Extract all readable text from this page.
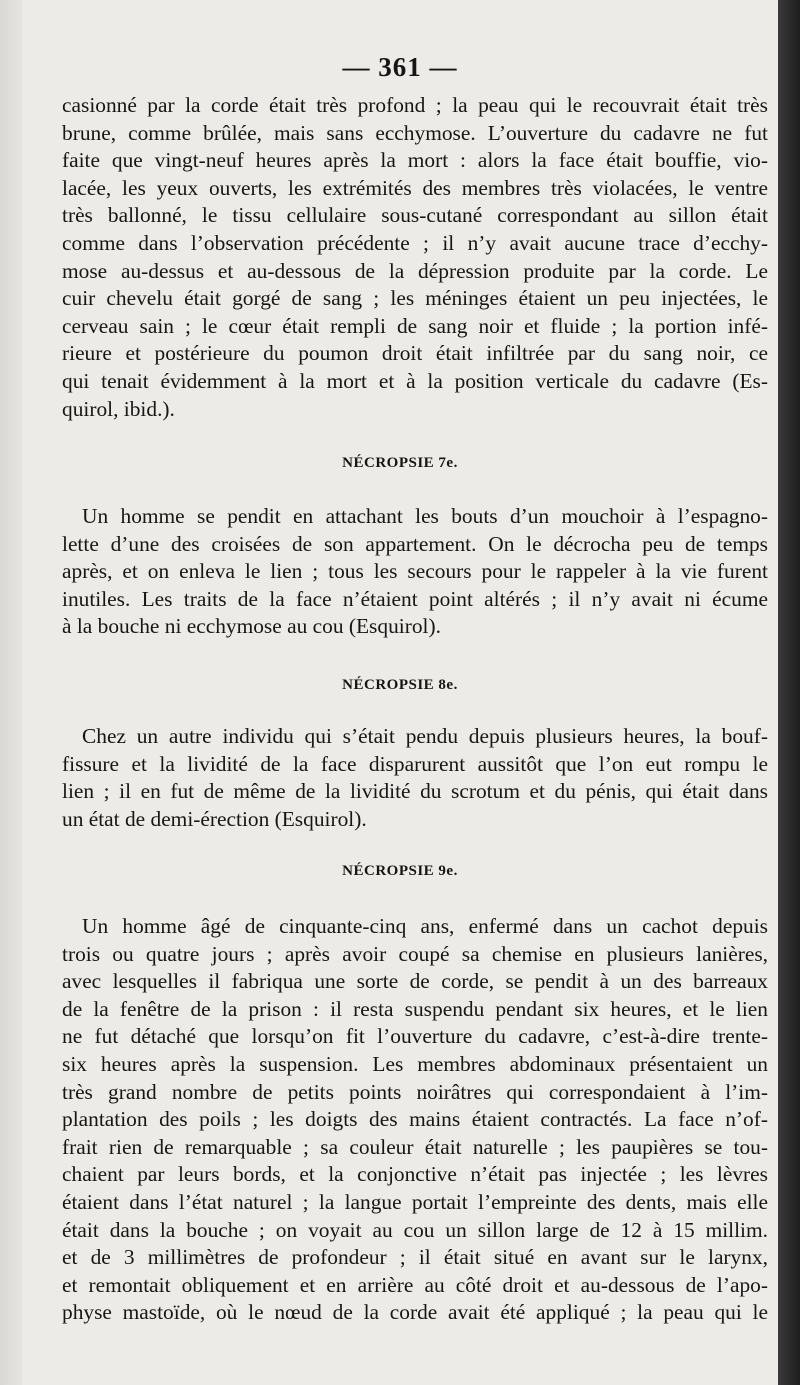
— 361 —
casionné par la corde était très profond ; la peau qui le recouvrait était très
brune, comme brûlée, mais sans ecchymose. L’ouverture du cadavre ne fut
faite que vingt-neuf heures après la mort : alors la face était bouffie, vio-
lacée, les yeux ouverts, les extrémités des membres très violacées, le ventre
très ballonné, le tissu cellulaire sous-cutané correspondant au sillon était
comme dans l’observation précédente ; il n’y avait aucune trace d’ecchy-
mose au-dessus et au-dessous de la dépression produite par la corde. Le
cuir chevelu était gorgé de sang ; les méninges étaient un peu injectées, le
cerveau sain ; le cœur était rempli de sang noir et fluide ; la portion infé-
rieure et postérieure du poumon droit était infiltrée par du sang noir, ce
qui tenait évidemment à la mort et à la position verticale du cadavre (Es-
quirol, ibid.).
NÉCROPSIE 7e.
Un homme se pendit en attachant les bouts d’un mouchoir à l’espagno-
lette d’une des croisées de son appartement. On le décrocha peu de temps
après, et on enleva le lien ; tous les secours pour le rappeler à la vie furent
inutiles. Les traits de la face n’étaient point altérés ; il n’y avait ni écume
à la bouche ni ecchymose au cou (Esquirol).
NÉCROPSIE 8e.
Chez un autre individu qui s’était pendu depuis plusieurs heures, la bouf-
fissure et la lividité de la face disparurent aussitôt que l’on eut rompu le
lien ; il en fut de même de la lividité du scrotum et du pénis, qui était dans
un état de demi-érection (Esquirol).
NÉCROPSIE 9e.
Un homme âgé de cinquante-cinq ans, enfermé dans un cachot depuis
trois ou quatre jours ; après avoir coupé sa chemise en plusieurs lanières,
avec lesquelles il fabriqua une sorte de corde, se pendit à un des barreaux
de la fenêtre de la prison : il resta suspendu pendant six heures, et le lien
ne fut détaché que lorsqu’on fit l’ouverture du cadavre, c’est-à-dire trente-
six heures après la suspension. Les membres abdominaux présentaient un
très grand nombre de petits points noirâtres qui correspondaient à l’im-
plantation des poils ; les doigts des mains étaient contractés. La face n’of-
frait rien de remarquable ; sa couleur était naturelle ; les paupières se tou-
chaient par leurs bords, et la conjonctive n’était pas injectée ; les lèvres
étaient dans l’état naturel ; la langue portait l’empreinte des dents, mais elle
était dans la bouche ; on voyait au cou un sillon large de 12 à 15 millim.
et de 3 millimètres de profondeur ; il était situé en avant sur le larynx,
et remontait obliquement et en arrière au côté droit et au-dessous de l’apo-
physe mastoïde, où le nœud de la corde avait été appliqué ; la peau qui le
